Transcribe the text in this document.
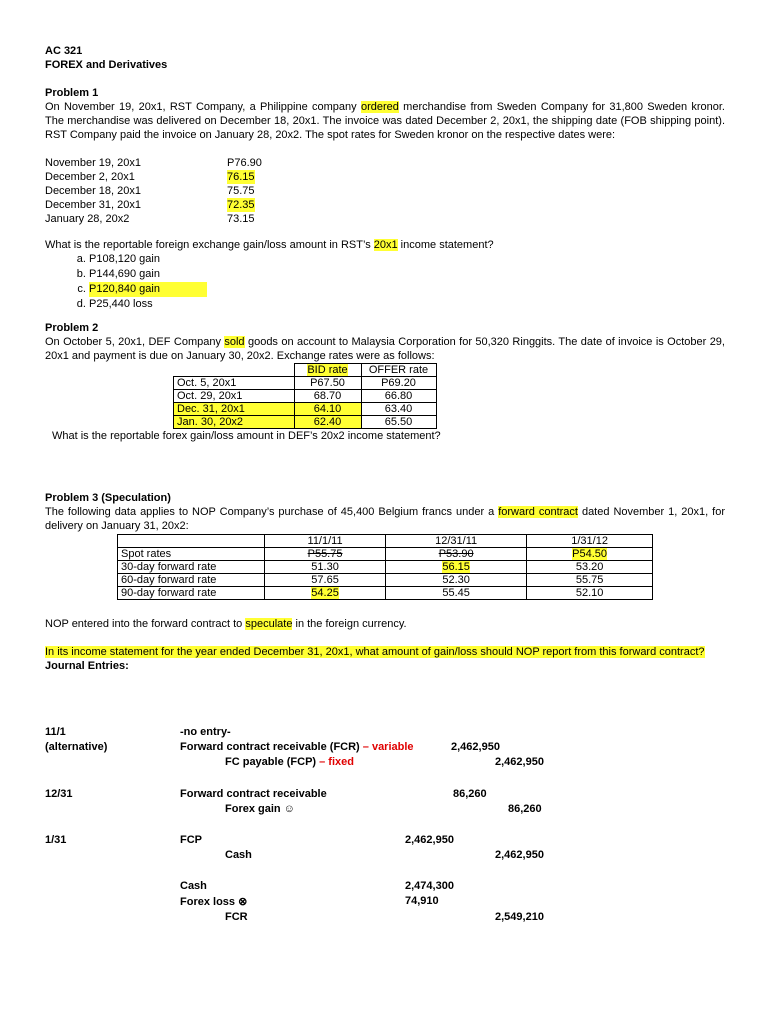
AC 321

FOREX and Derivatives

Problem 1

On November 19, 20x1, RST Company, a Philippine company ordered merchandise from Sweden Company for 31,800 Sweden kronor. The merchandise was delivered on December 18, 20x1. The invoice was dated December 2, 20x1, the shipping date (FOB shipping point). RST Company paid the invoice on January 28, 20x2. The spot rates for Sweden kronor on the respective dates were:

November 19, 20x1	P76.90
December 2, 20x1	76.15
December 18, 20x1	75.75
December 31, 20x1	72.35
January 28, 20x2	73.15

What is the reportable foreign exchange gain/loss amount in RST’s 20x1 income statement?

a. P108,120 gain
b. P144,690 gain
c. P120,840 gain
d. P25,440 loss

Problem 2

On October 5, 20x1, DEF Company sold goods on account to Malaysia Corporation for 50,320 Ringgits. The date of invoice is October 29, 20x1 and payment is due on January 30, 20x2. Exchange rates were as follows:

	BID rate	OFFER rate
Oct. 5, 20x1	P67.50	P69.20
Oct. 29, 20x1	68.70	66.80
Dec. 31, 20x1	64.10	63.40
Jan. 30, 20x2	62.40	65.50

What is the reportable forex gain/loss amount in DEF’s 20x2 income statement?

Problem 3 (Speculation)

The following data applies to NOP Company’s purchase of 45,400 Belgium francs under a forward contract dated November 1, 20x1, for delivery on January 31, 20x2:

	11/1/11	12/31/11	1/31/12
Spot rates	P55.75	P53.90	P54.50
30-day forward rate	51.30	56.15	53.20
60-day forward rate	57.65	52.30	55.75
90-day forward rate	54.25	55.45	52.10

NOP entered into the forward contract to speculate in the foreign currency.

In its income statement for the year ended December 31, 20x1, what amount of gain/loss should NOP report from this forward contract?

Journal Entries:

11/1	-no entry-
(alternative)	Forward contract receivable (FCR) – variable	2,462,950
FC payable (FCP) – fixed	2,462,950
12/31	Forward contract receivable	86,260
Forex gain ☺	86,260
1/31	FCP	2,462,950
Cash	2,462,950
Cash	2,474,300
Forex loss ⊗	74,910
FCR	2,549,210
